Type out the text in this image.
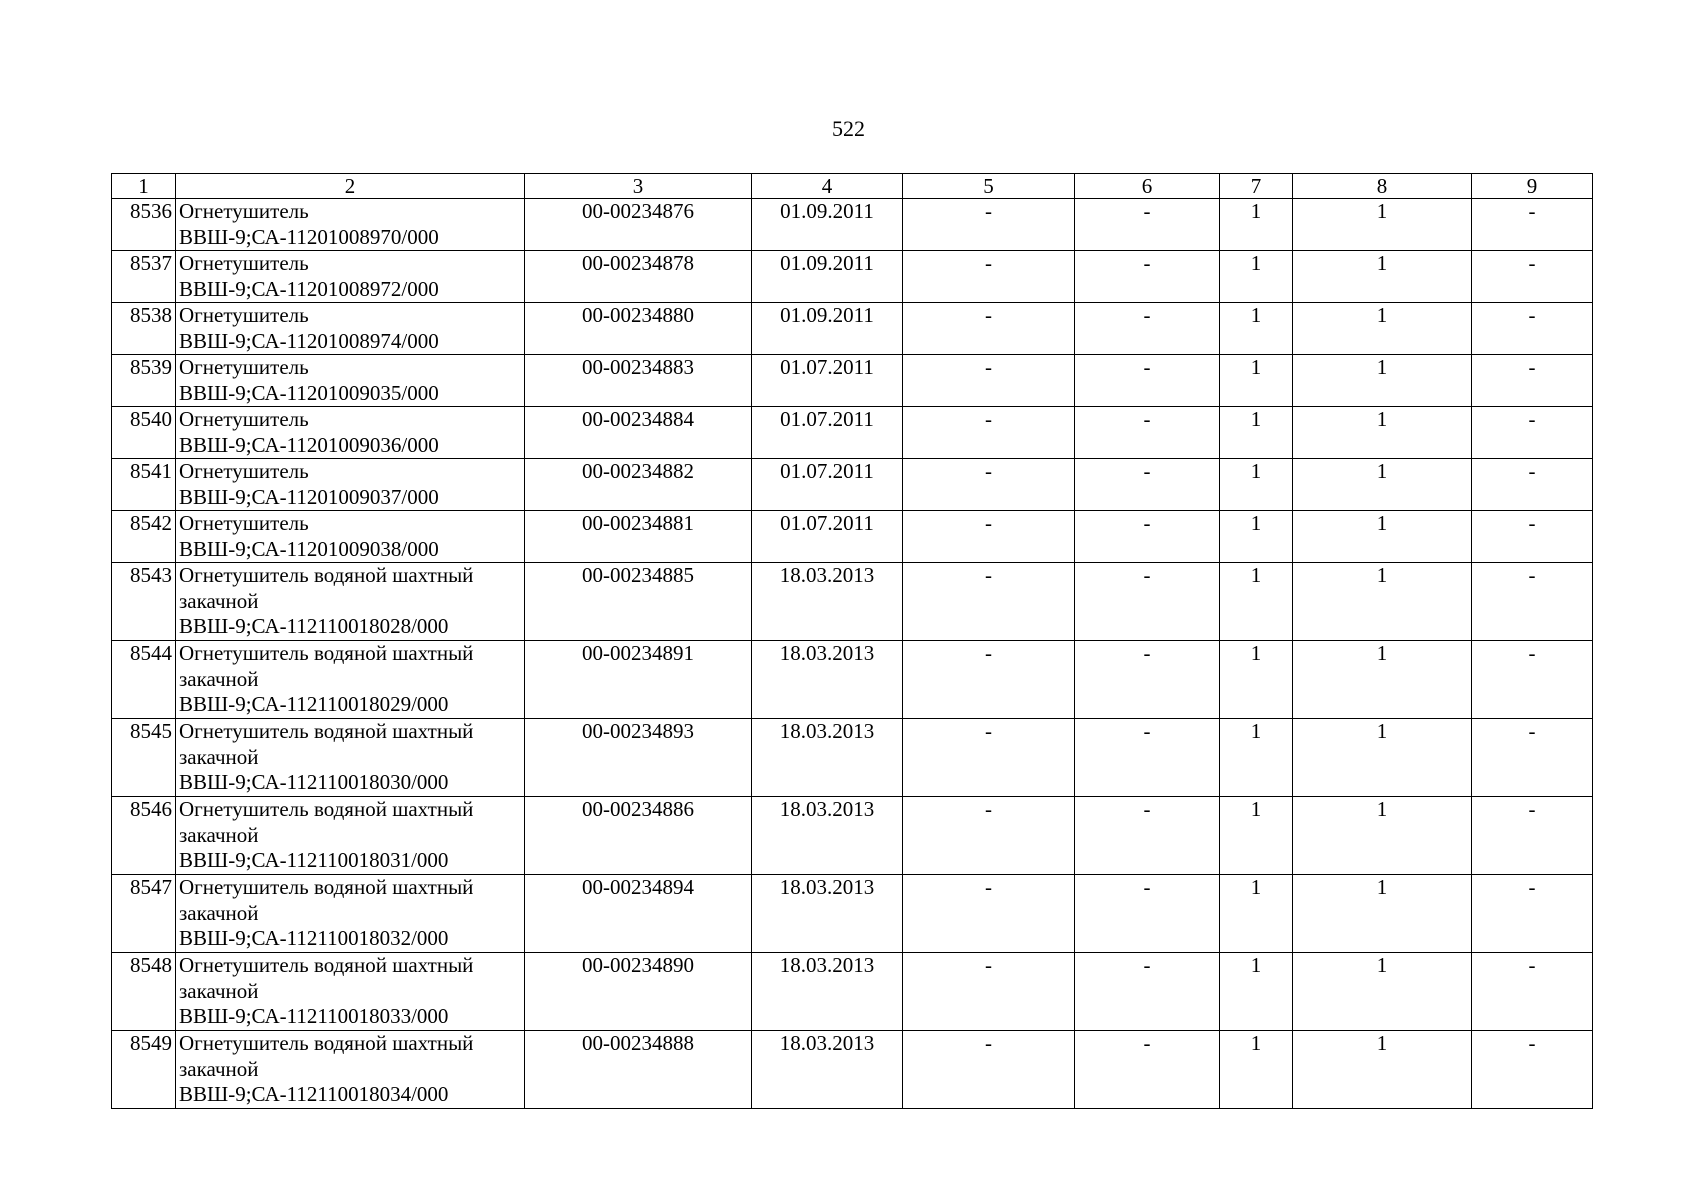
522
1	2	3	4	5	6	7	8	9
8536	Огнетушитель ВВШ-9;СА-11201008970/000	00-00234876	01.09.2011	-	-	1	1	-
8537	Огнетушитель ВВШ-9;СА-11201008972/000	00-00234878	01.09.2011	-	-	1	1	-
8538	Огнетушитель ВВШ-9;СА-11201008974/000	00-00234880	01.09.2011	-	-	1	1	-
8539	Огнетушитель ВВШ-9;СА-11201009035/000	00-00234883	01.07.2011	-	-	1	1	-
8540	Огнетушитель ВВШ-9;СА-11201009036/000	00-00234884	01.07.2011	-	-	1	1	-
8541	Огнетушитель ВВШ-9;СА-11201009037/000	00-00234882	01.07.2011	-	-	1	1	-
8542	Огнетушитель ВВШ-9;СА-11201009038/000	00-00234881	01.07.2011	-	-	1	1	-
8543	Огнетушитель водяной шахтный закачной ВВШ-9;СА-112110018028/000	00-00234885	18.03.2013	-	-	1	1	-
8544	Огнетушитель водяной шахтный закачной ВВШ-9;СА-112110018029/000	00-00234891	18.03.2013	-	-	1	1	-
8545	Огнетушитель водяной шахтный закачной ВВШ-9;СА-112110018030/000	00-00234893	18.03.2013	-	-	1	1	-
8546	Огнетушитель водяной шахтный закачной ВВШ-9;СА-112110018031/000	00-00234886	18.03.2013	-	-	1	1	-
8547	Огнетушитель водяной шахтный закачной ВВШ-9;СА-112110018032/000	00-00234894	18.03.2013	-	-	1	1	-
8548	Огнетушитель водяной шахтный закачной ВВШ-9;СА-112110018033/000	00-00234890	18.03.2013	-	-	1	1	-
8549	Огнетушитель водяной шахтный закачной ВВШ-9;СА-112110018034/000	00-00234888	18.03.2013	-	-	1	1	-
